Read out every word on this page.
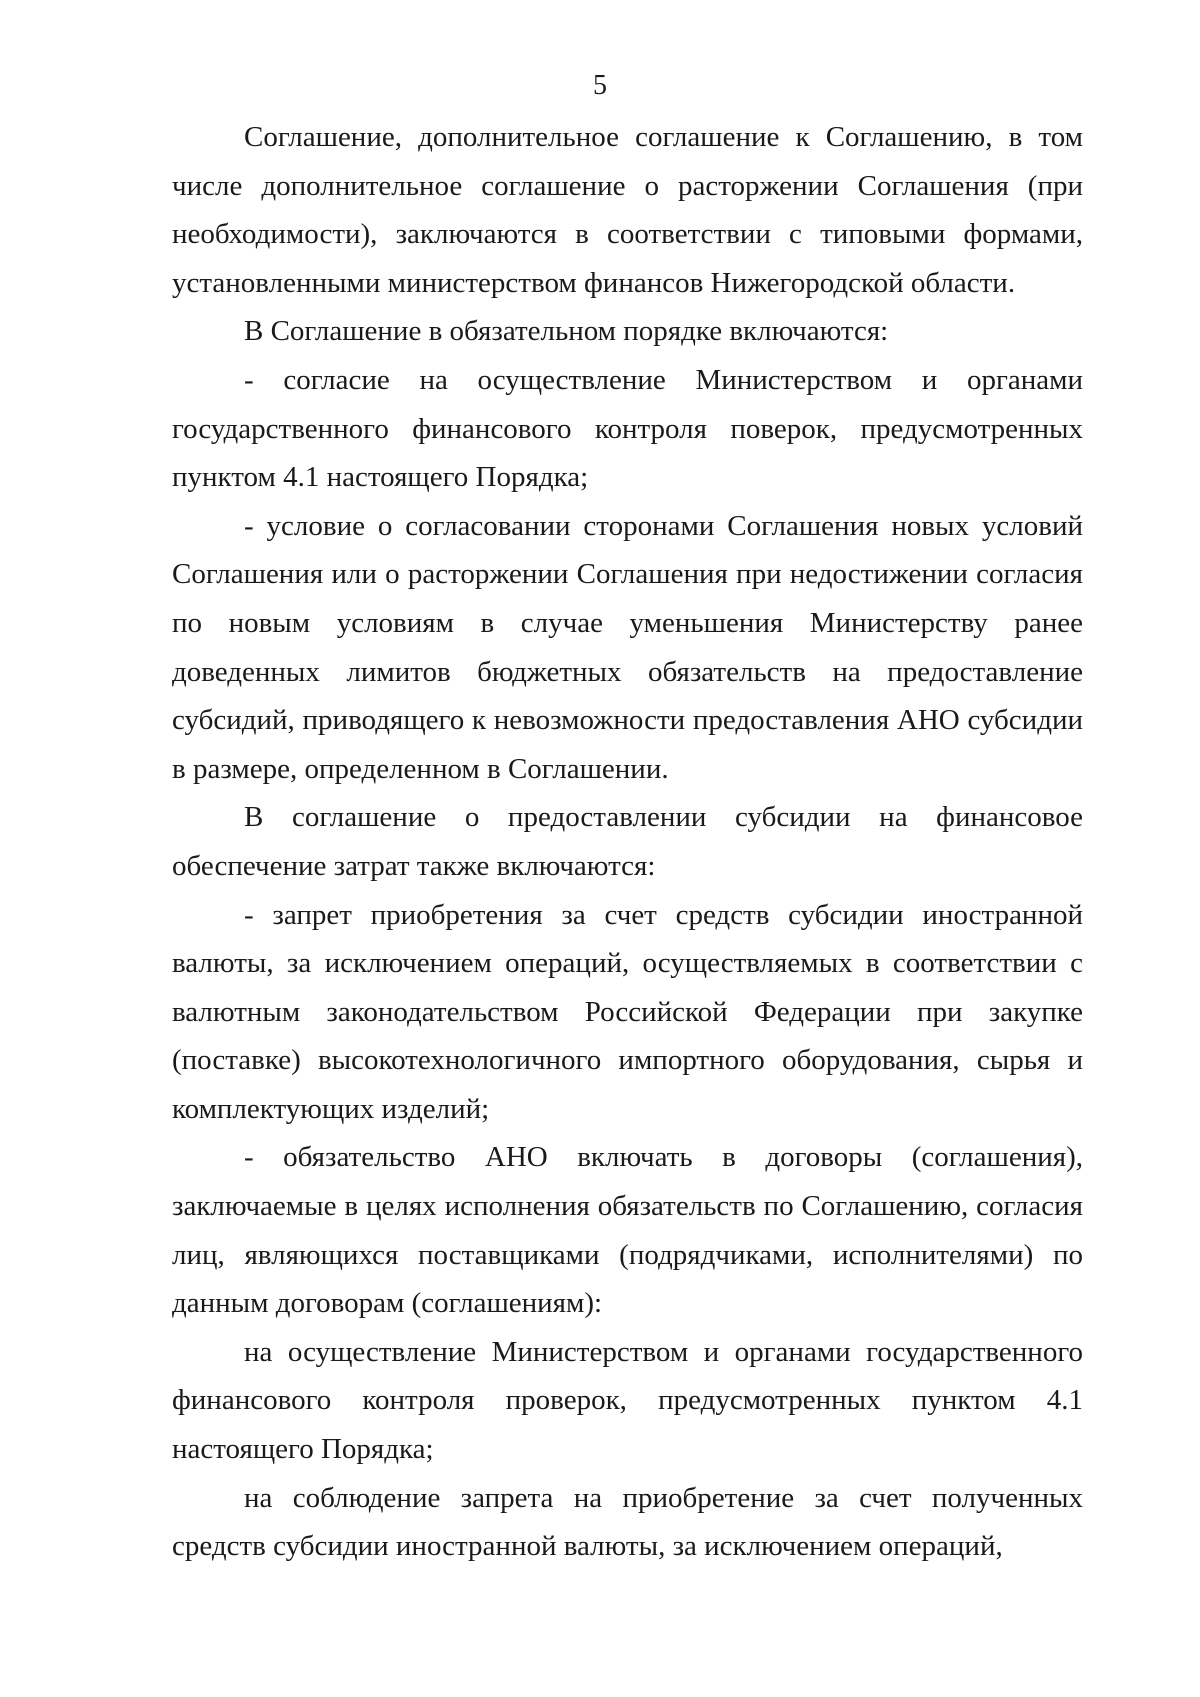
5

Соглашение, дополнительное соглашение к Соглашению, в том числе дополнительное соглашение о расторжении Соглашения (при необходимости), заключаются в соответствии с типовыми формами, установленными министерством финансов Нижегородской области.

В Соглашение в обязательном порядке включаются:

- согласие на осуществление Министерством и органами государственного финансового контроля поверок, предусмотренных пунктом 4.1 настоящего Порядка;

- условие о согласовании сторонами Соглашения новых условий Соглашения или о расторжении Соглашения при недостижении согласия по новым условиям в случае уменьшения Министерству ранее доведенных лимитов бюджетных обязательств на предоставление субсидий, приводящего к невозможности предоставления АНО субсидии в размере, определенном в Соглашении.

В соглашение о предоставлении субсидии на финансовое обеспечение затрат также включаются:

- запрет приобретения за счет средств субсидии иностранной валюты, за исключением операций, осуществляемых в соответствии с валютным законодательством Российской Федерации при закупке (поставке) высокотехнологичного импортного оборудования, сырья и комплектующих изделий;

- обязательство АНО включать в договоры (соглашения), заключаемые в целях исполнения обязательств по Соглашению, согласия лиц, являющихся поставщиками (подрядчиками, исполнителями) по данным договорам (соглашениям):

на осуществление Министерством и органами государственного финансового контроля проверок, предусмотренных пунктом 4.1 настоящего Порядка;

на соблюдение запрета на приобретение за счет полученных средств субсидии иностранной валюты, за исключением операций,
